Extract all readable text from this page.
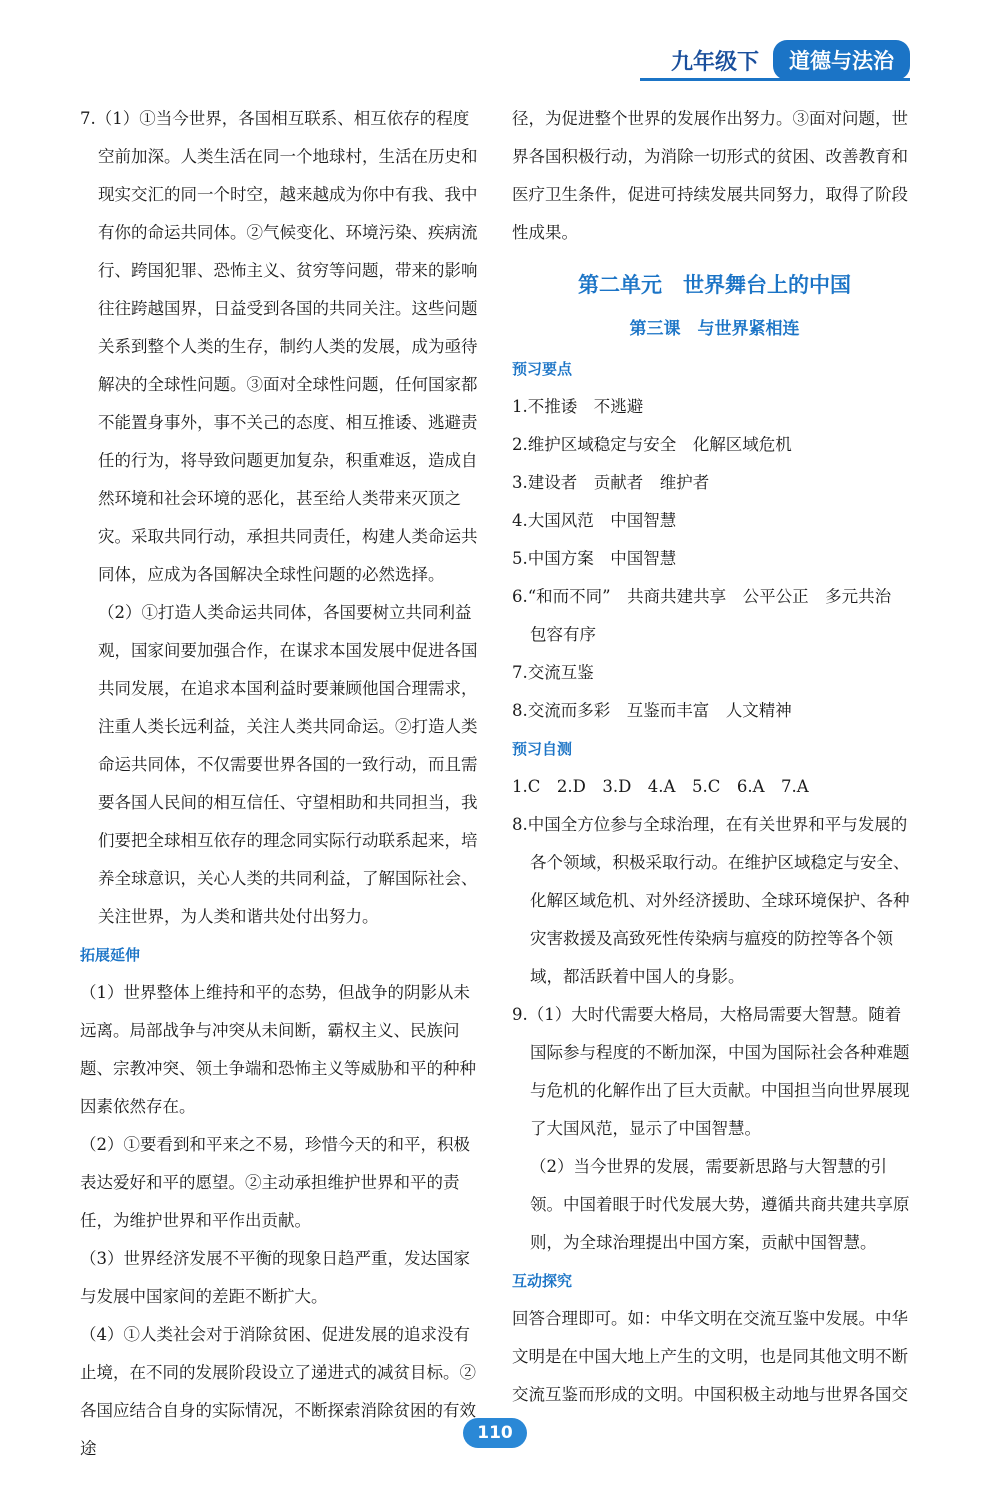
九年级下	道德与法治

7.（1）①当今世界，各国相互联系、相互依存的程度空前加深。人类生活在同一个地球村，生活在历史和现实交汇的同一个时空，越来越成为你中有我、我中有你的命运共同体。②气候变化、环境污染、疾病流行、跨国犯罪、恐怖主义、贫穷等问题，带来的影响往往跨越国界，日益受到各国的共同关注。这些问题关系到整个人类的生存，制约人类的发展，成为亟待解决的全球性问题。③面对全球性问题，任何国家都不能置身事外，事不关己的态度、相互推诿、逃避责任的行为，将导致问题更加复杂，积重难返，造成自然环境和社会环境的恶化，甚至给人类带来灭顶之灾。采取共同行动，承担共同责任，构建人类命运共同体，应成为各国解决全球性问题的必然选择。

（2）①打造人类命运共同体，各国要树立共同利益观，国家间要加强合作，在谋求本国发展中促进各国共同发展，在追求本国利益时要兼顾他国合理需求，注重人类长远利益，关注人类共同命运。②打造人类命运共同体，不仅需要世界各国的一致行动，而且需要各国人民间的相互信任、守望相助和共同担当，我们要把全球相互依存的理念同实际行动联系起来，培养全球意识，关心人类的共同利益，了解国际社会、关注世界，为人类和谐共处付出努力。

拓展延伸

（1）世界整体上维持和平的态势，但战争的阴影从未远离。局部战争与冲突从未间断，霸权主义、民族问题、宗教冲突、领土争端和恐怖主义等威胁和平的种种因素依然存在。

（2）①要看到和平来之不易，珍惜今天的和平，积极表达爱好和平的愿望。②主动承担维护世界和平的责任，为维护世界和平作出贡献。

（3）世界经济发展不平衡的现象日趋严重，发达国家与发展中国家间的差距不断扩大。

（4）①人类社会对于消除贫困、促进发展的追求没有止境，在不同的发展阶段设立了递进式的减贫目标。②各国应结合自身的实际情况，不断探索消除贫困的有效途

径，为促进整个世界的发展作出努力。③面对问题，世界各国积极行动，为消除一切形式的贫困、改善教育和医疗卫生条件，促进可持续发展共同努力，取得了阶段性成果。

第二单元　世界舞台上的中国

第三课　与世界紧相连

预习要点

1.不推诿　不逃避

2.维护区域稳定与安全　化解区域危机

3.建设者　贡献者　维护者

4.大国风范　中国智慧

5.中国方案　中国智慧

6.“和而不同”　共商共建共享　公平公正　多元共治　包容有序

7.交流互鉴

8.交流而多彩　互鉴而丰富　人文精神

预习自测

1.C　2.D　3.D　4.A　5.C　6.A　7.A

8.中国全方位参与全球治理，在有关世界和平与发展的各个领域，积极采取行动。在维护区域稳定与安全、化解区域危机、对外经济援助、全球环境保护、各种灾害救援及高致死性传染病与瘟疫的防控等各个领域，都活跃着中国人的身影。

9.（1）大时代需要大格局，大格局需要大智慧。随着国际参与程度的不断加深，中国为国际社会各种难题与危机的化解作出了巨大贡献。中国担当向世界展现了大国风范，显示了中国智慧。

（2）当今世界的发展，需要新思路与大智慧的引领。中国着眼于时代发展大势，遵循共商共建共享原则，为全球治理提出中国方案，贡献中国智慧。

互动探究

回答合理即可。如：中华文明在交流互鉴中发展。中华文明是在中国大地上产生的文明，也是同其他文明不断交流互鉴而形成的文明。中国积极主动地与世界各国交

110
